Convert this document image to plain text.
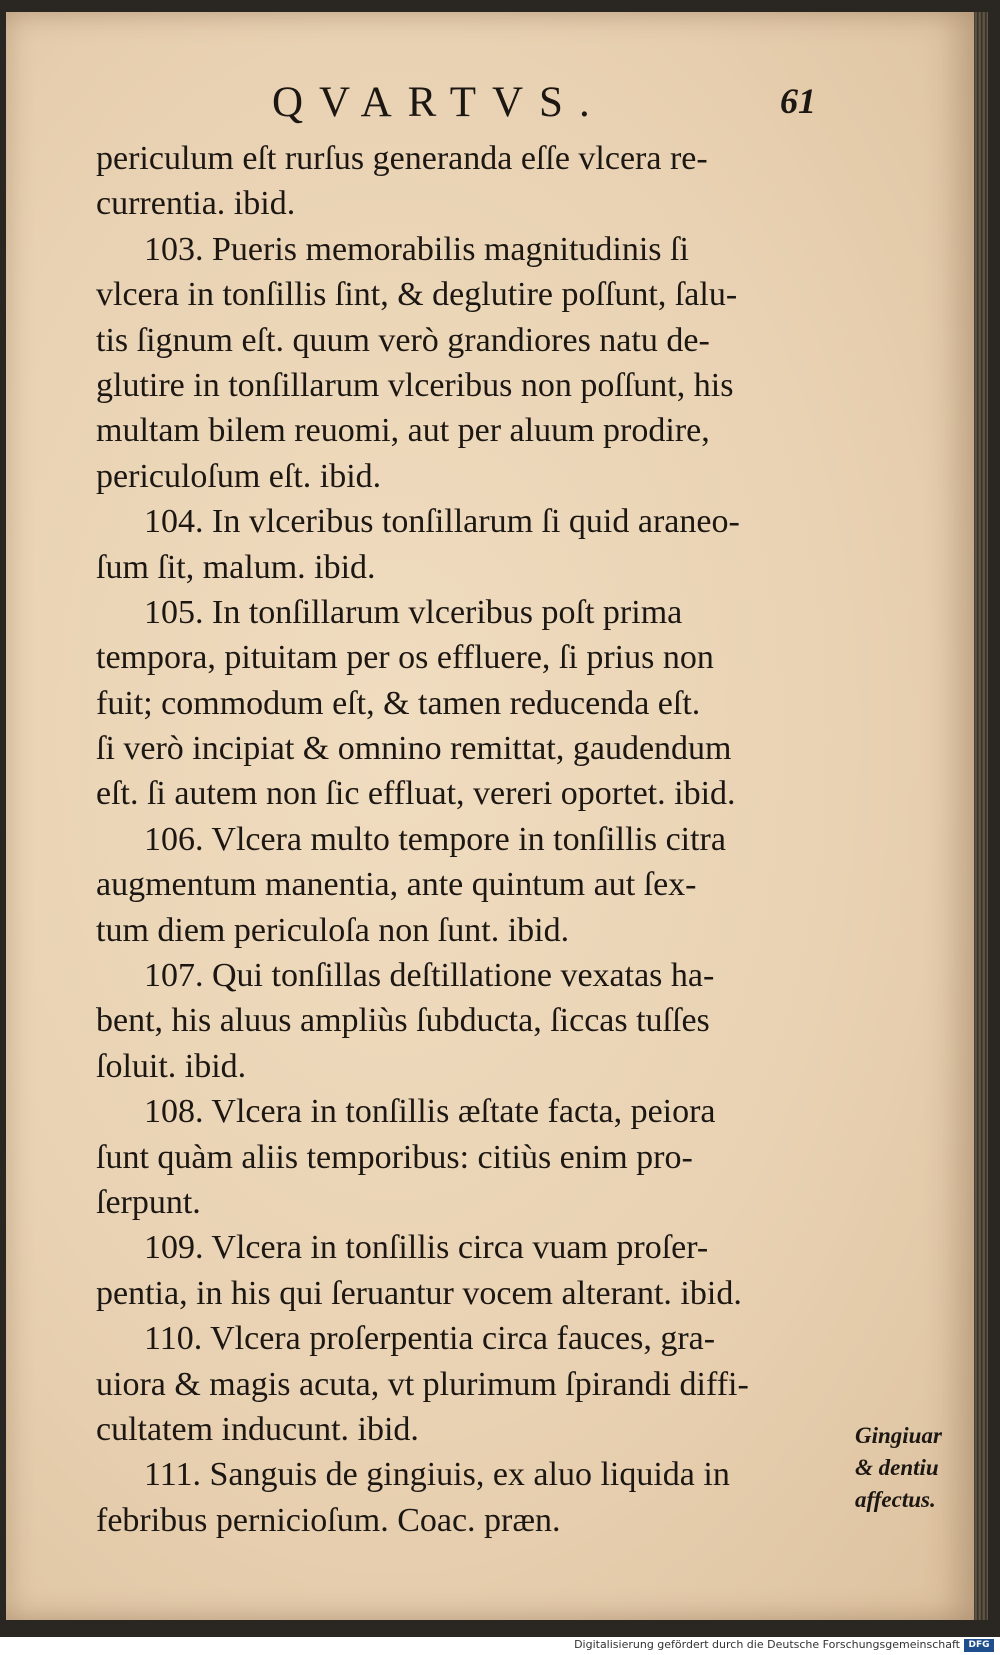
QVARTVS.	61
periculum eſt rurſus generanda eſſe vlcera re-
currentia. ibid.
103. Pueris memorabilis magnitudinis ſi
vlcera in tonſillis ſint, & deglutire poſſunt, ſalu-
tis ſignum eſt. quum verò grandiores natu de-
glutire in tonſillarum vlceribus non poſſunt, his
multam bilem reuomi, aut per aluum prodire,
periculoſum eſt. ibid.
104. In vlceribus tonſillarum ſi quid araneo-
ſum ſit, malum. ibid.
105. In tonſillarum vlceribus poſt prima
tempora, pituitam per os effluere, ſi prius non
fuit; commodum eſt, & tamen reducenda eſt.
ſi verò incipiat & omnino remittat, gaudendum
eſt. ſi autem non ſic effluat, vereri oportet. ibid.
106. Vlcera multo tempore in tonſillis citra
augmentum manentia, ante quintum aut ſex-
tum diem periculoſa non ſunt. ibid.
107. Qui tonſillas deſtillatione vexatas ha-
bent, his aluus ampliùs ſubducta, ſiccas tuſſes
ſoluit. ibid.
108. Vlcera in tonſillis æſtate facta, peiora
ſunt quàm aliis temporibus: citiùs enim pro-
ſerpunt.
109. Vlcera in tonſillis circa vuam proſer-
pentia, in his qui ſeruantur vocem alterant. ibid.
110. Vlcera proſerpentia circa fauces, gra-
uiora & magis acuta, vt plurimum ſpirandi diffi-
cultatem inducunt. ibid.
111. Sanguis de gingiuis, ex aluo liquida in
febribus pernicioſum. Coac. præn.
Gingiuar
& dentiu
affectus.
Digitalisierung gefördert durch die Deutsche Forschungsgemeinschaft DFG
